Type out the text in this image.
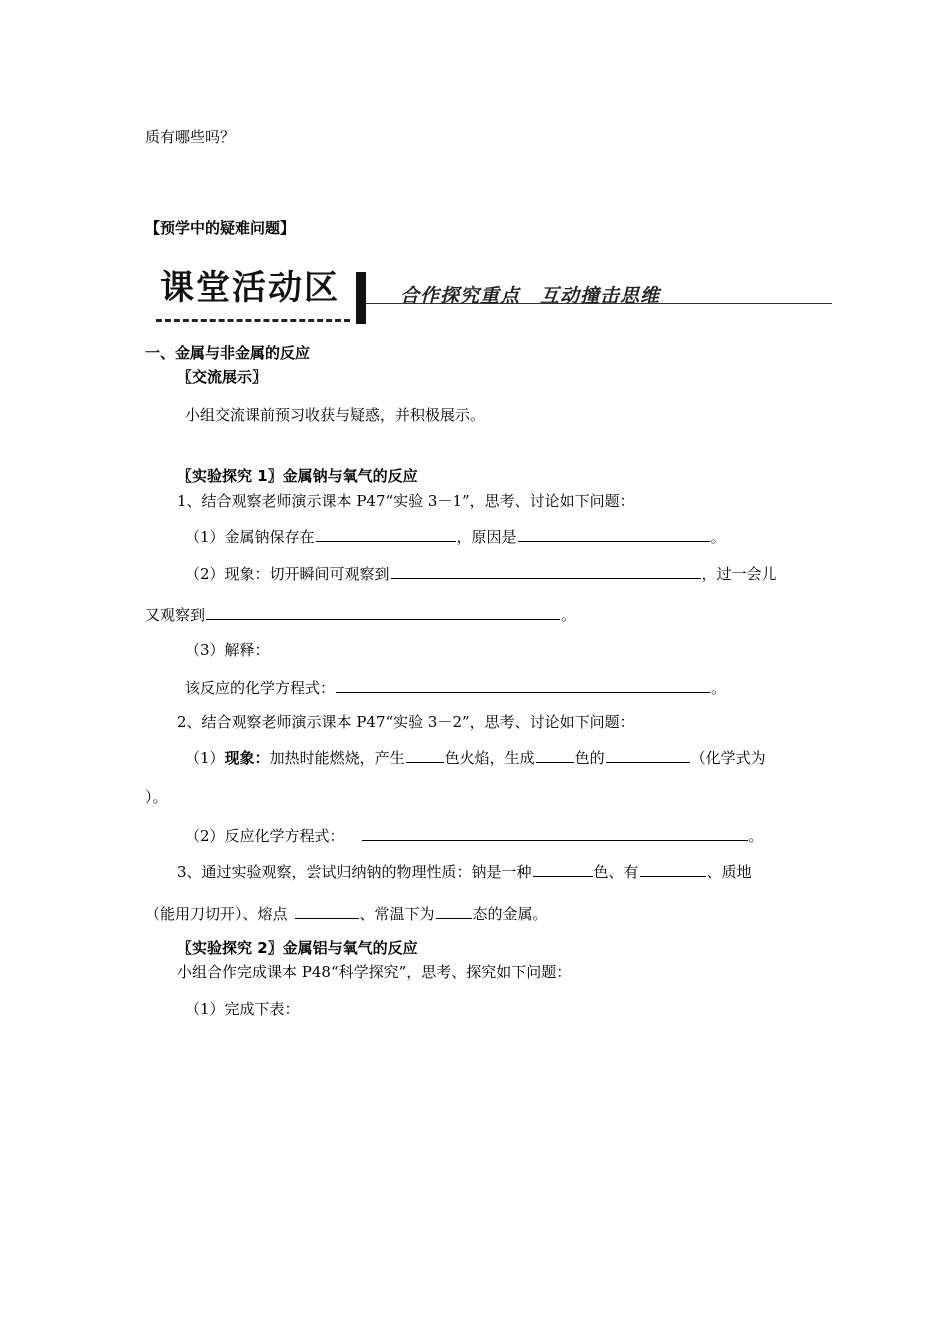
质有哪些吗？
【预学中的疑难问题】
课堂活动区	合作探究重点　互动撞击思维
一、金属与非金属的反应
〖交流展示〗
小组交流课前预习收获与疑惑，并积极展示。
〖实验探究 1〗金属钠与氧气的反应
1、结合观察老师演示课本 P47“实验 3－1”，思考、讨论如下问题：
（1）金属钠保存在	，原因是	。
（2）现象：切开瞬间可观察到	，过一会儿
又观察到	。
（3）解释：
该反应的化学方程式：	。
2、结合观察老师演示课本 P47“实验 3－2”，思考、讨论如下问题：
（1）现象：加热时能燃烧，产生	色火焰，生成	色的	（化学式为
）。
（2）反应化学方程式：	。
3、通过实验观察，尝试归纳钠的物理性质：钠是一种	色、有	、质地
（能用刀切开）、熔点	、常温下为	态的金属。
〖实验探究 2〗金属铝与氧气的反应
小组合作完成课本 P48“科学探究”，思考、探究如下问题：
（1）完成下表：
